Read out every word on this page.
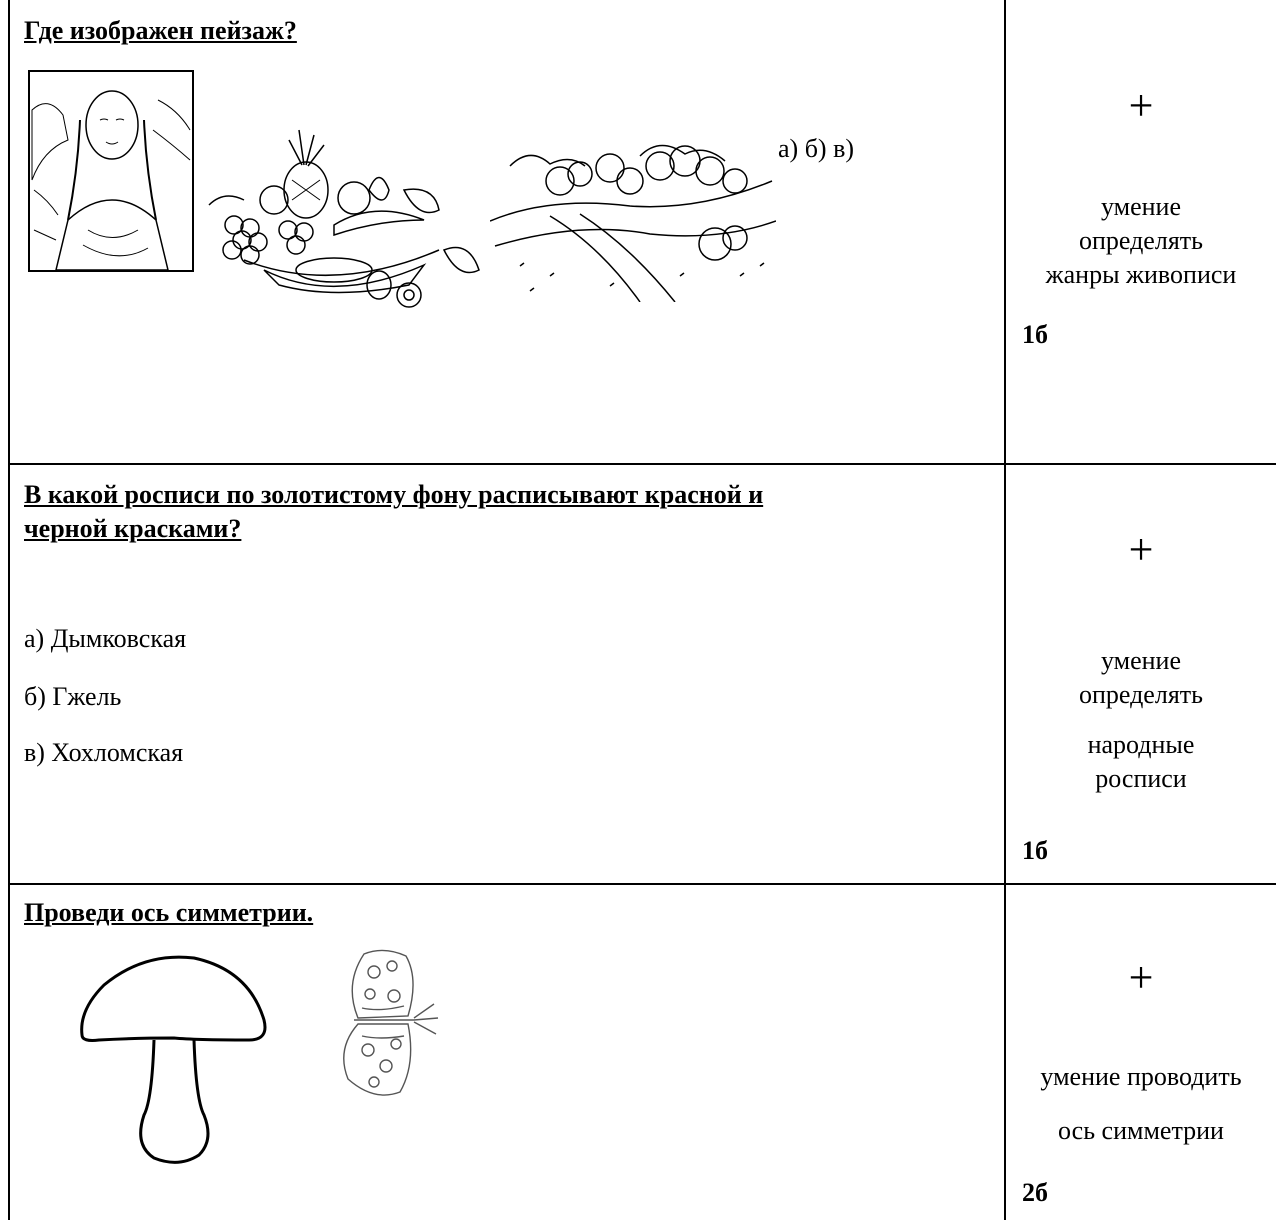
Где изображен пейзаж?
а) б) в)
+
умение
определять
жанры живописи
1б
В какой росписи по золотистому фону расписывают красной и
черной красками?
а) Дымковская
б) Гжель
в) Хохломская
+
умение
определять
народные
росписи
1б
Проведи ось симметрии.
+
умение проводить
ось симметрии
2б
